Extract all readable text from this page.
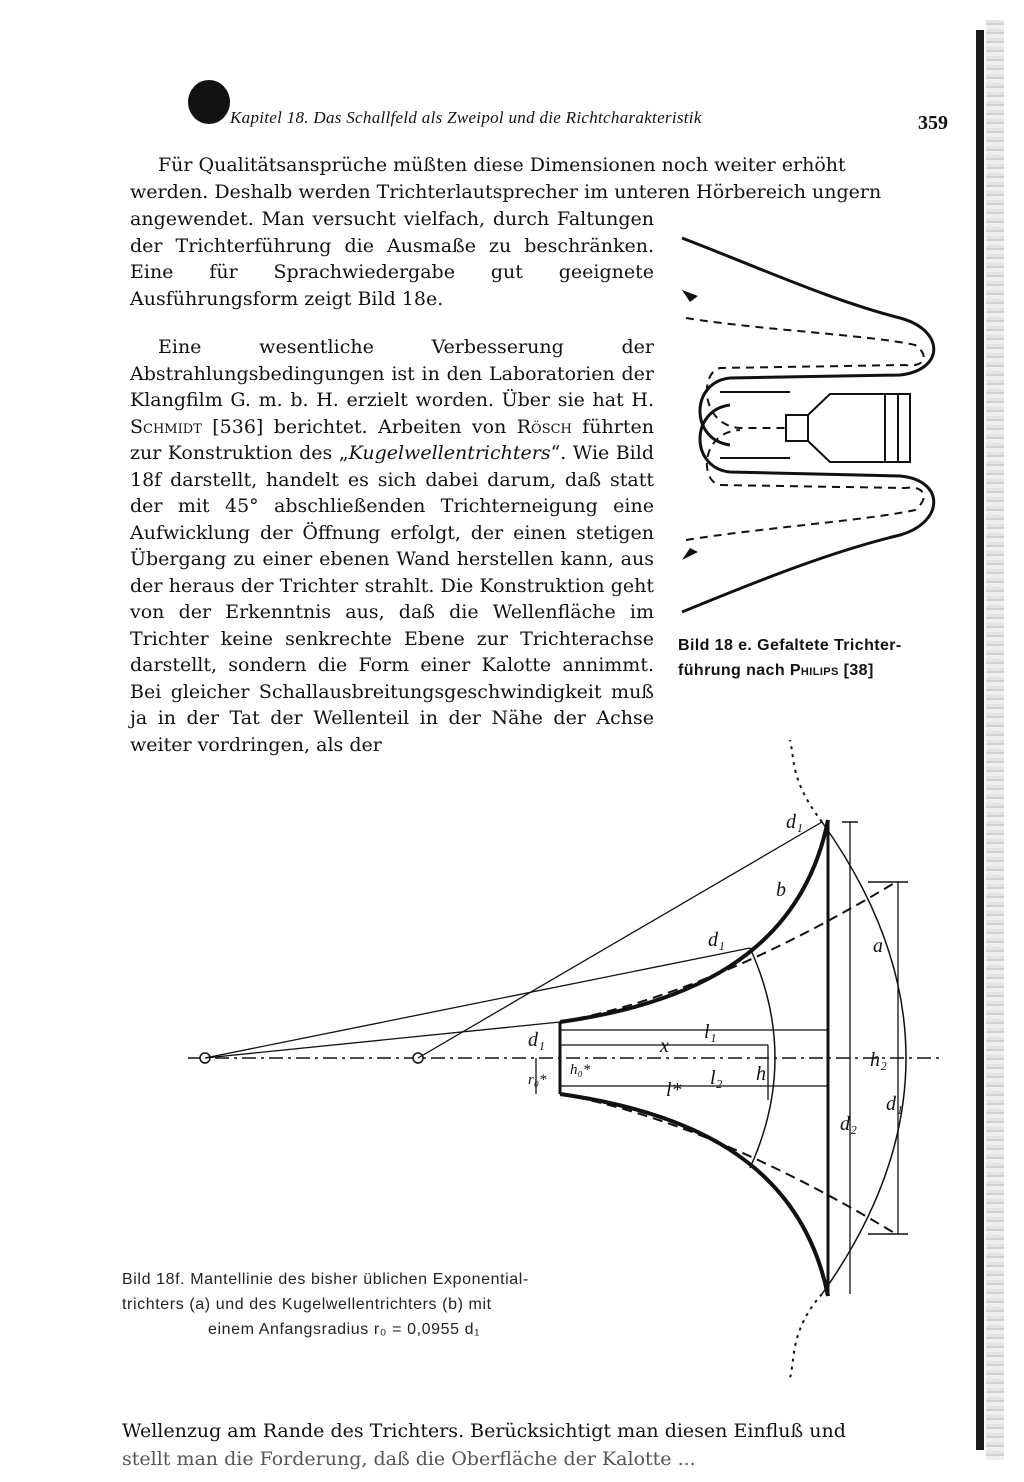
Kapitel 18. Das Schallfeld als Zweipol und die Richtcharakteristik	359

Für Qualitätsansprüche müßten diese Dimensionen noch weiter erhöht

werden. Deshalb werden Trichterlautsprecher im unteren Hörbereich ungern

angewendet. Man versucht vielfach, durch Faltungen der Trichterführung die Ausmaße zu beschränken. Eine für Sprachwiedergabe gut geeignete Ausführungsform zeigt Bild 18e.

Eine wesentliche Verbesserung der Abstrahlungsbedingungen ist in den Laboratorien der Klangfilm G. m. b. H. erzielt worden. Über sie hat H. Schmidt [536] berichtet. Arbeiten von Rösch führten zur Konstruktion des „Kugelwellentrichters“. Wie Bild 18f darstellt, handelt es sich dabei darum, daß statt der mit 45° abschließenden Trichterneigung eine Aufwicklung der Öffnung erfolgt, der einen stetigen Übergang zu einer ebenen Wand herstellen kann, aus der heraus der Trichter strahlt. Die Konstruktion geht von der Erkenntnis aus, daß die Wellenfläche im Trichter keine senkrechte Ebene zur Trichterachse darstellt, sondern die Form einer Kalotte annimmt. Bei gleicher Schallausbreitungsgeschwindigkeit muß ja in der Tat der Wellenteil in der Nähe der Achse weiter vordringen, als der

Bild 18 e. Gefaltete Trichter-
führung nach Philips [38]
Bild 18f. Mantellinie des bisher üblichen Exponential-
trichters (a) und des Kugelwellentrichters (b) mit
einem Anfangsradius r₀ = 0,0955 d₁

Wellenzug am Rande des Trichters. Berücksichtigt man diesen Einfluß und

stellt man die Forderung, daß die Oberfläche der Kalotte ...

d₁
b
d₁	a
d₁	x
l₁
h₂
r₀*
h₀*
l*
l₂ h
d₁
d₂
